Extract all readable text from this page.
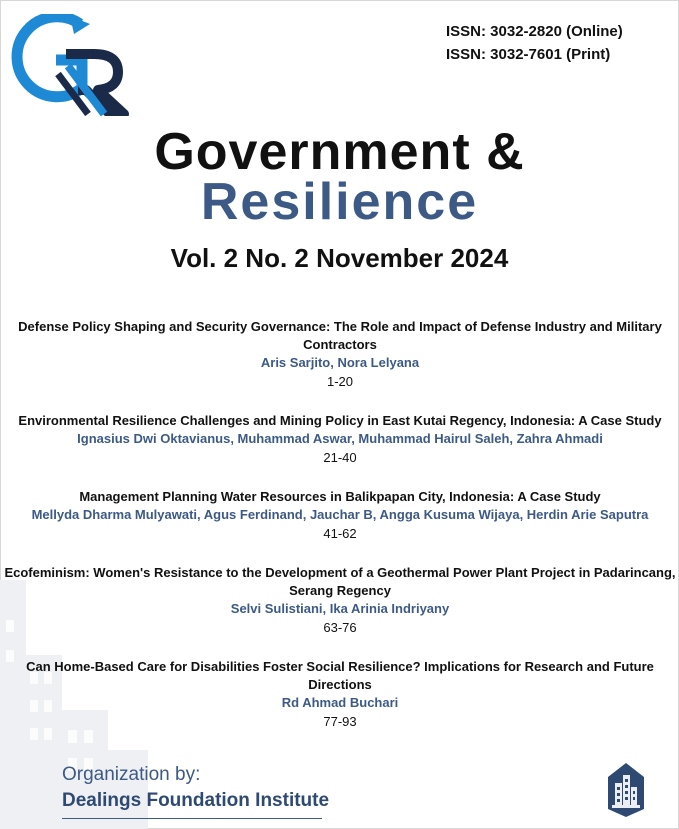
ISSN: 3032-2820 (Online)
ISSN: 3032-7601 (Print)
Government &
Resilience
Vol. 2 No. 2 November 2024
Defense Policy Shaping and Security Governance: The Role and Impact of Defense Industry and Military Contractors
Aris Sarjito, Nora Lelyana
1-20
Environmental Resilience Challenges and Mining Policy in East Kutai Regency, Indonesia: A Case Study
Ignasius Dwi Oktavianus, Muhammad Aswar, Muhammad Hairul Saleh, Zahra Ahmadi
21-40
Management Planning Water Resources in Balikpapan City, Indonesia: A Case Study
Mellyda Dharma Mulyawati, Agus Ferdinand, Jauchar B, Angga Kusuma Wijaya, Herdin Arie Saputra
41-62
Ecofeminism: Women's Resistance to the Development of a Geothermal Power Plant Project in Padarincang, Serang Regency
Selvi Sulistiani, Ika Arinia Indriyany
63-76
Can Home-Based Care for Disabilities Foster Social Resilience? Implications for Research and Future Directions
Rd Ahmad Buchari
77-93
Organization by:
Dealings Foundation Institute
